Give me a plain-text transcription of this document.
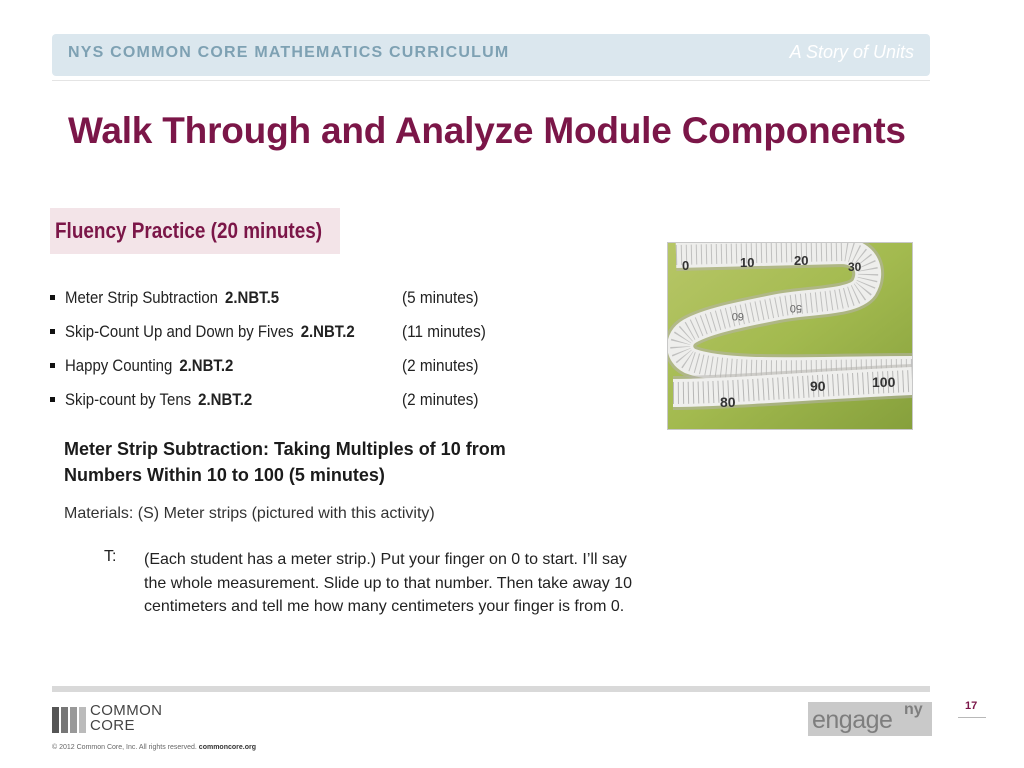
NYS COMMON CORE MATHEMATICS CURRICULUM	A Story of Units
Walk Through and Analyze Module Components
Fluency Practice (20 minutes)
Meter Strip Subtraction 2.NBT.5	(5 minutes)
Skip-Count Up and Down by Fives 2.NBT.2	(11 minutes)
Happy Counting 2.NBT.2	(2 minutes)
Skip-count by Tens 2.NBT.2	(2 minutes)
0	10	20	30
60
50
80
90	100
Meter Strip Subtraction: Taking Multiples of 10 from
Numbers Within 10 to 100 (5 minutes)
Materials: (S) Meter strips (pictured with this activity)
T: (Each student has a meter strip.) Put your finger on 0 to start. I’ll say the whole measurement. Slide up to that number. Then take away 10 centimeters and tell me how many centimeters your finger is from 0.
COMMON
CORE
© 2012 Common Core, Inc. All rights reserved. commoncore.org
engage ny	17
